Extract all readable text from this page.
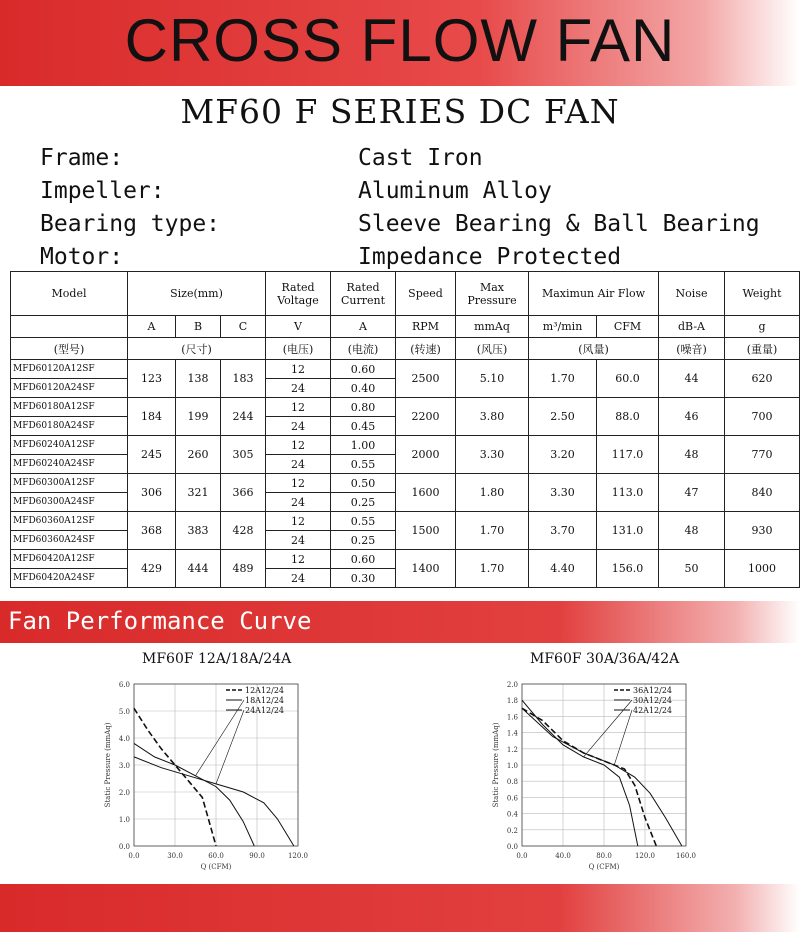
CROSS FLOW FAN
MF60 F SERIES DC FAN
Frame:	Cast Iron
Impeller:	Aluminum Alloy
Bearing type:	Sleeve Bearing & Ball Bearing
Motor:	Impedance Protected
Model	Size(mm)			Rated Voltage	Rated Current	Speed	Max Pressure	Maximun Air Flow		Noise	Weight
	A	B	C	V	A	RPM	mmAq	m³/min	CFM	dB-A	g
(型号)	(尺寸)			(电压)	(电流)	(转速)	(风压)	(风量)		(噪音)	(重量)
MFD60120A12SF	123	138	183	12	0.60	2500	5.10	1.70	60.0	44	620
MFD60120A24SF				24	0.40						
MFD60180A12SF	184	199	244	12	0.80	2200	3.80	2.50	88.0	46	700
MFD60180A24SF				24	0.45						
MFD60240A12SF	245	260	305	12	1.00	2000	3.30	3.20	117.0	48	770
MFD60240A24SF				24	0.55						
MFD60300A12SF	306	321	366	12	0.50	1600	1.80	3.30	113.0	47	840
MFD60300A24SF				24	0.25						
MFD60360A12SF	368	383	428	12	0.55	1500	1.70	3.70	131.0	48	930
MFD60360A24SF				24	0.25						
MFD60420A12SF	429	444	489	12	0.60	1400	1.70	4.40	156.0	50	1000
MFD60420A24SF				24	0.30						
Fan Performance Curve
MF60F 12A/18A/24A	MF60F 30A/36A/42A
0.0
1.0
2.0
3.0
4.0
5.0
6.0
0.0	30.0	60.0	90.0	120.0
Q (CFM)
Static Pressure (mmAq)
12A12/24
18A12/24
24A12/24
0.0
0.2
0.4
0.6
0.8
1.0
1.2
1.4
1.6
1.8
2.0
0.0	40.0	80.0	120.0	160.0
Q (CFM)
Static Pressure (mmAq)
36A12/24
30A12/24
42A12/24
